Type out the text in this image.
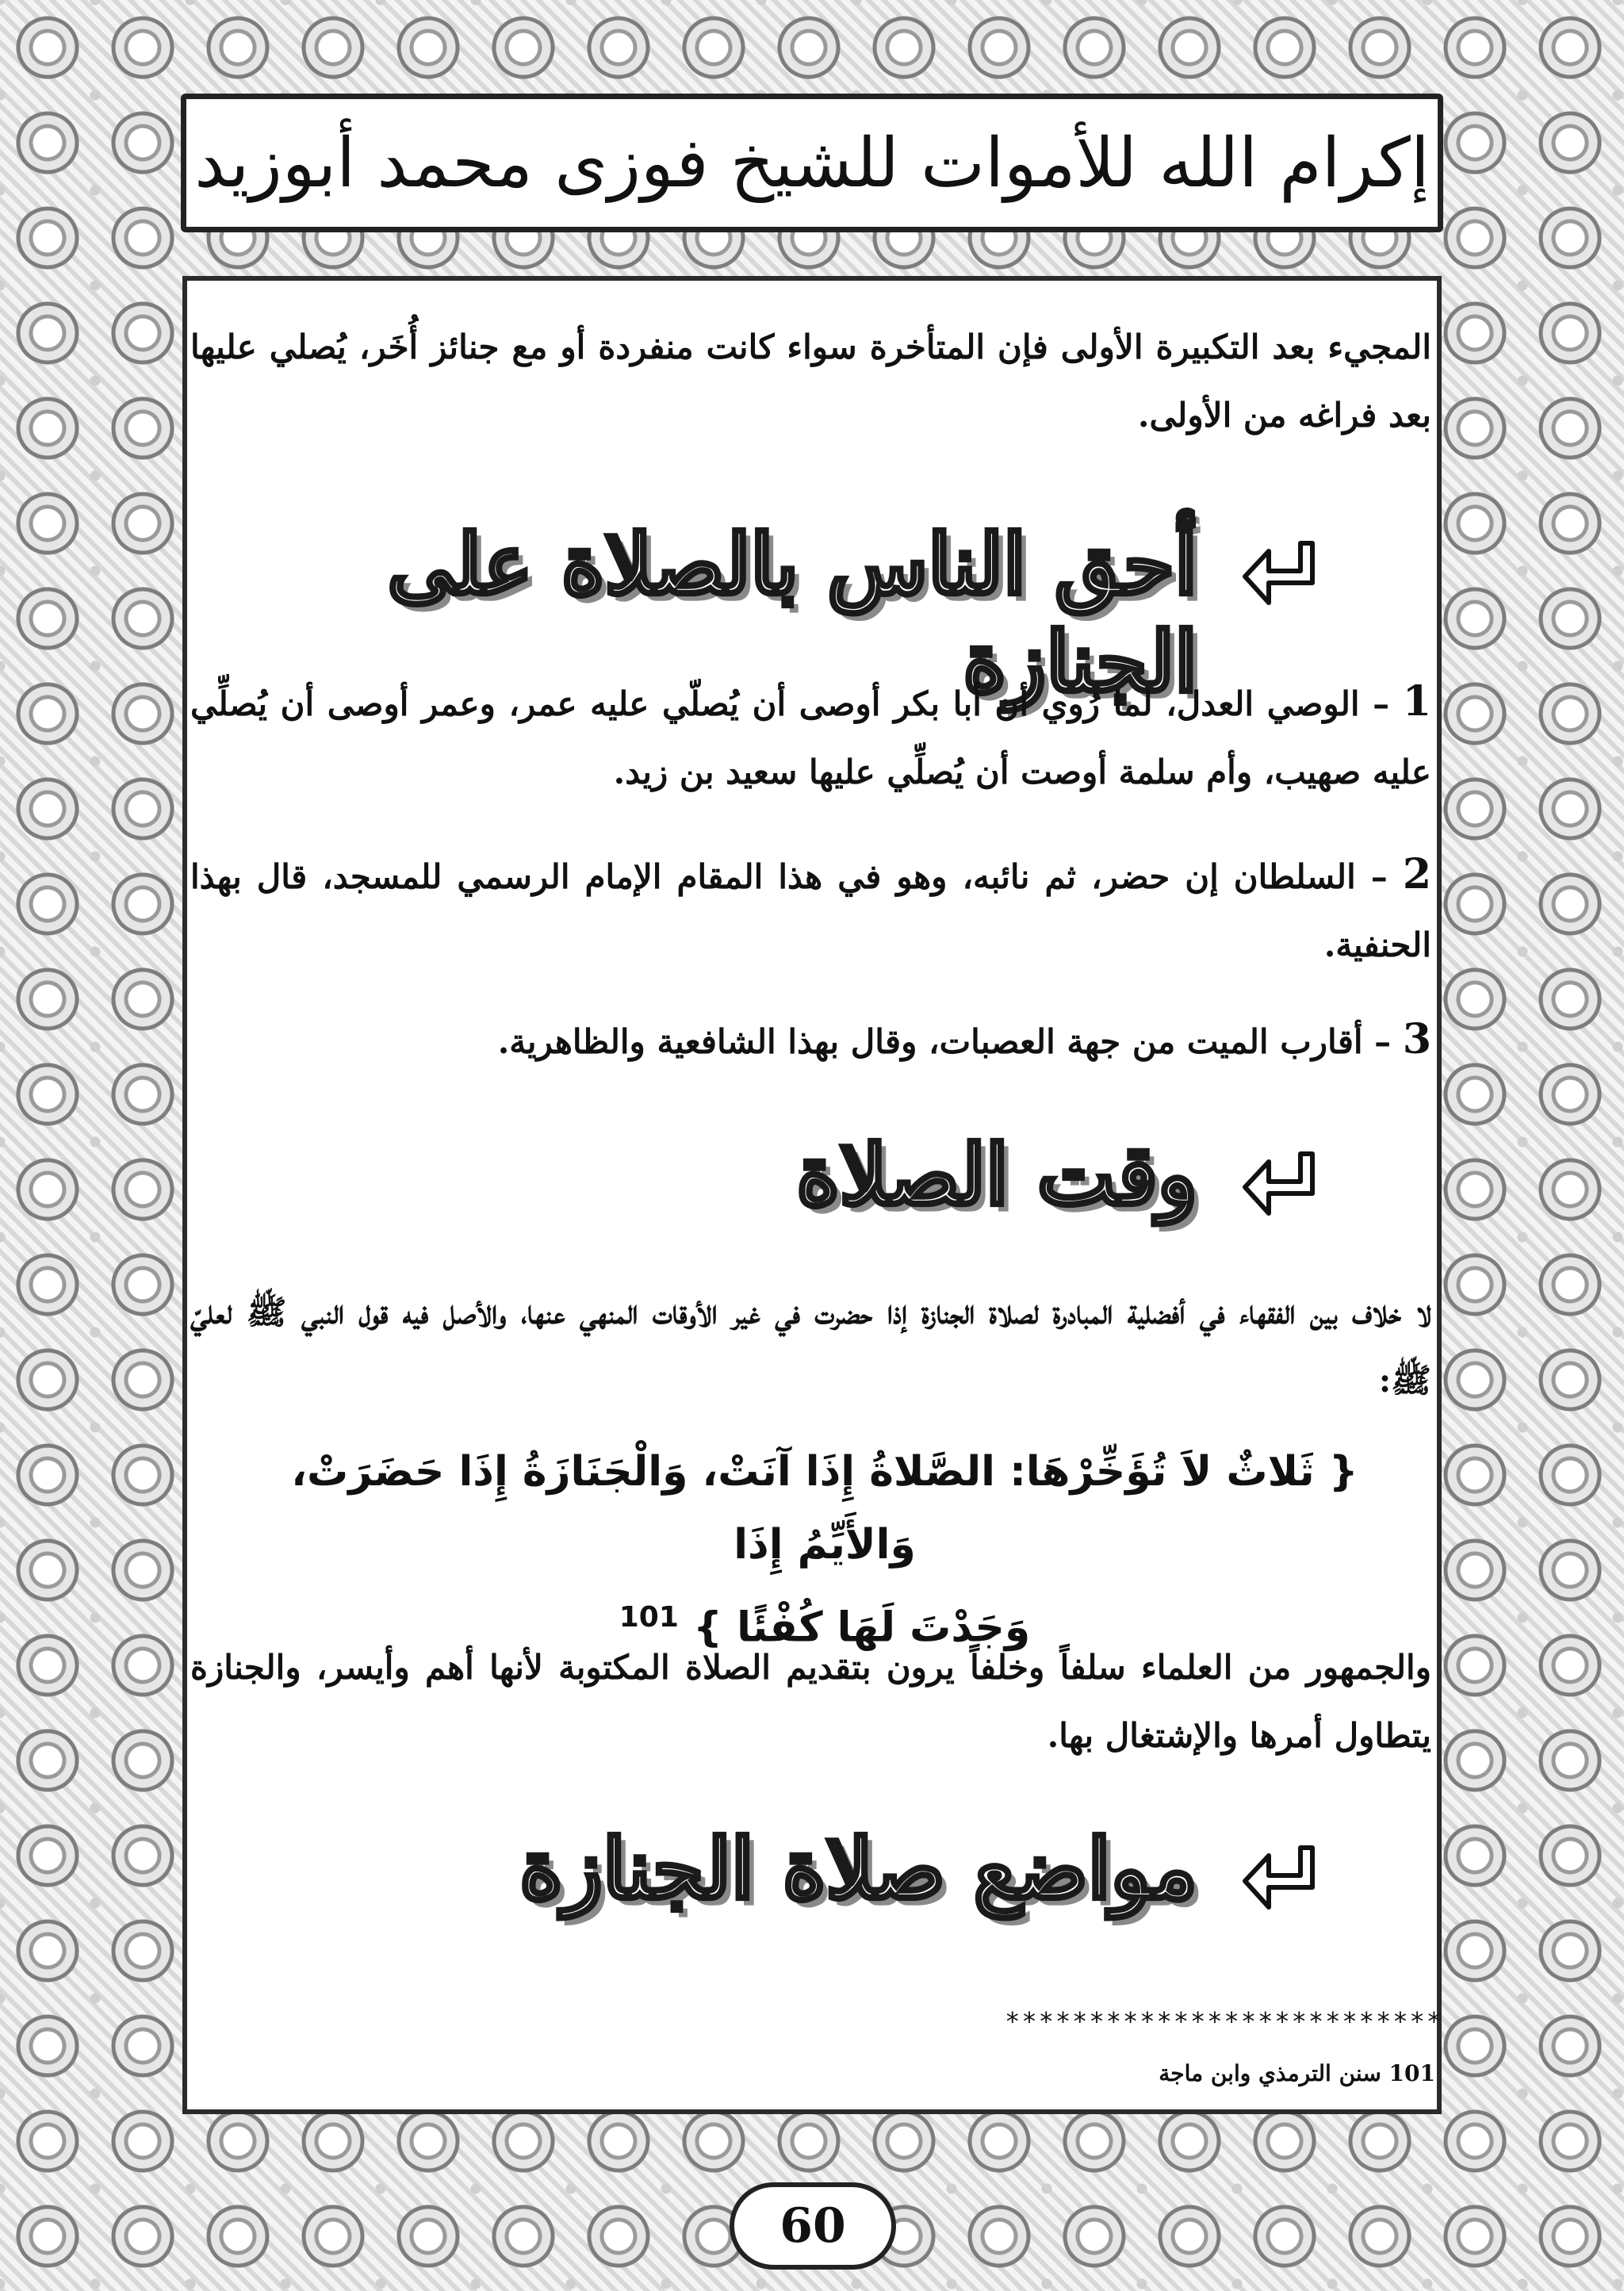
إكرام الله للأموات للشيخ فوزى محمد أبوزيد
المجيء بعد التكبيرة الأولى فإن المتأخرة سواء كانت منفردة أو مع جنائز أُخَر، يُصلي عليها بعد فراغه من الأولى.
أحق الناس بالصلاة على الجنازة	1 – الوصي العدل، لما رُوي أن أبا بكر أوصى أن يُصلّي عليه عمر، وعمر أوصى أن يُصلِّي عليه صهيب، وأم سلمة أوصت أن يُصلِّي عليها سعيد بن زيد.
2 – السلطان إن حضر، ثم نائبه، وهو في هذا المقام الإمام الرسمي للمسجد، قال بهذا الحنفية.
3 – أقارب الميت من جهة العصبات، وقال بهذا الشافعية والظاهرية.
وقت الصلاة
لا خلاف بين الفقهاء في أفضلية المبادرة لصلاة الجنازة إذا حضرت في غير الأوقات المنهي عنها، والأصل فيه قول النبي ﷺ لعليّ ﷺ:
{ ثَلاثٌ لاَ تُؤَخِّرْهَا: الصَّلاةُ إِذَا آنَتْ، وَالْجَنَازَةُ إِذَا حَضَرَتْ، وَالأَيِّمُ إِذَا
وَجَدْتَ لَهَا كُفْئًا } $^{101}$
والجمهور من العلماء سلفاً وخلفاً يرون بتقديم الصلاة المكتوبة لأنها أهم وأيسر، والجنازة يتطاول أمرها والإشتغال بها.
مواضع صلاة الجنازة
**************************
101 سنن الترمذي وابن ماجة
60
